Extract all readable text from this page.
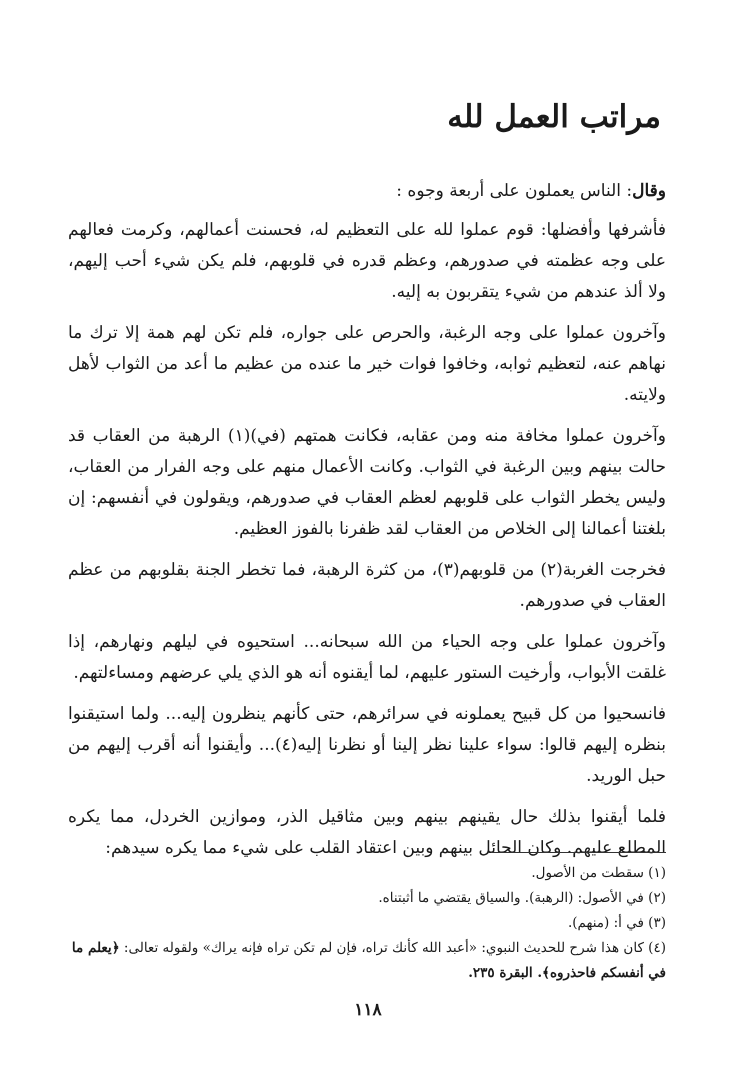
مراتب العمل لله

وقال: الناس يعملون على أربعة وجوه :

فأشرفها وأفضلها: قوم عملوا لله على التعظيم له، فحسنت أعمالهم، وكرمت فعالهم على وجه عظمته في صدورهم، وعظم قدره في قلوبهم، فلم يكن شيء أحب إليهم، ولا ألذ عندهم من شيء يتقربون به إليه.

وآخرون عملوا على وجه الرغبة، والحرص على جواره، فلم تكن لهم همة إلا ترك ما نهاهم عنه، لتعظيم ثوابه، وخافوا فوات خير ما عنده من عظيم ما أعد من الثواب لأهل ولايته.

وآخرون عملوا مخافة منه ومن عقابه، فكانت همتهم (في)(١) الرهبة من العقاب قد حالت بينهم وبين الرغبة في الثواب. وكانت الأعمال منهم على وجه الفرار من العقاب، وليس يخطر الثواب على قلوبهم لعظم العقاب في صدورهم، ويقولون في أنفسهم: إن بلغتنا أعمالنا إلى الخلاص من العقاب لقد ظفرنا بالفوز العظيم.

فخرجت الغربة(٢) من قلوبهم(٣)، من كثرة الرهبة، فما تخطر الجنة بقلوبهم من عظم العقاب في صدورهم.

وآخرون عملوا على وجه الحياء من الله سبحانه... استحيوه في ليلهم ونهارهم، إذا غلقت الأبواب، وأرخيت الستور عليهم، لما أيقنوه أنه هو الذي يلي عرضهم ومساءلتهم.

فانسحيوا من كل قبيح يعملونه في سرائرهم، حتى كأنهم ينظرون إليه... ولما استيقنوا بنظره إليهم قالوا: سواء علينا نظر إلينا أو نظرنا إليه(٤)... وأيقنوا أنه أقرب إليهم من حبل الوريد.

فلما أيقنوا بذلك حال يقينهم بينهم وبين مثاقيل الذر، وموازين الخردل، مما يكره المطلع عليهم. وكان الحائل بينهم وبين اعتقاد القلب على شيء مما يكره سيدهم:

(١) سقطت من الأصول.

(٢) في الأصول: (الرهبة). والسياق يقتضي ما أثبتناه.

(٣) في أ: (منهم).

(٤) كان هذا شرح للحديث النبوي: «أعبد الله كأنك تراه، فإن لم تكن تراه فإنه يراك» ولقوله تعالى: ﴿يعلم ما في أنفسكم فاحذروه﴾. البقرة ٢٣٥.

١١٨
